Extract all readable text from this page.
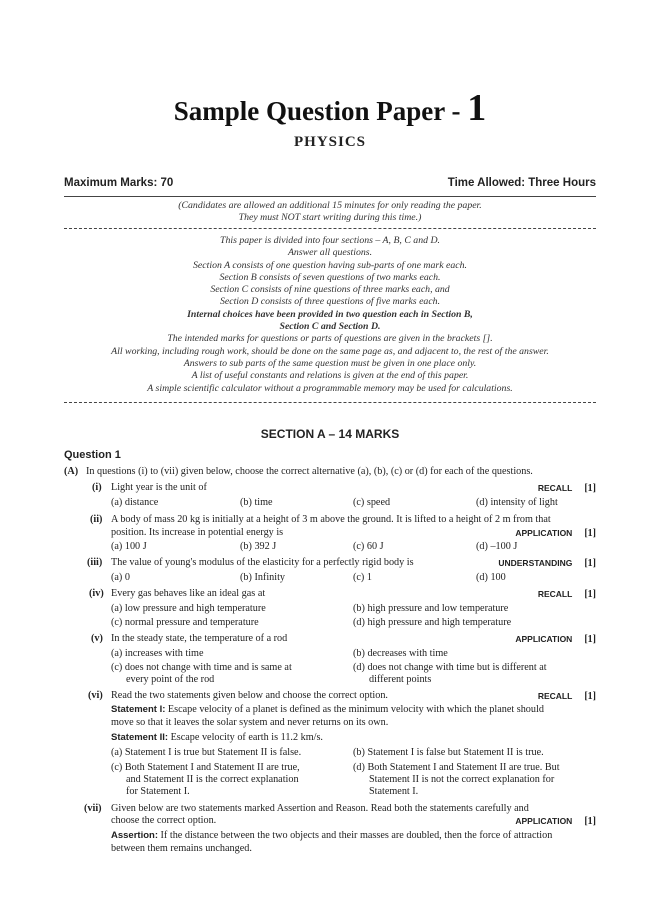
Sample Question Paper - 1
PHYSICS
Maximum Marks: 70	Time Allowed: Three Hours
(Candidates are allowed an additional 15 minutes for only reading the paper.
They must NOT start writing during this time.)
This paper is divided into four sections – A, B, C and D.
Answer all questions.
Section A consists of one question having sub-parts of one mark each.
Section B consists of seven questions of two marks each.
Section C consists of nine questions of three marks each, and
Section D consists of three questions of five marks each.
Internal choices have been provided in two question each in Section B,
Section C and Section D.
The intended marks for questions or parts of questions are given in the brackets [].
All working, including rough work, should be done on the same page as, and adjacent to, the rest of the answer.
Answers to sub parts of the same question must be given in one place only.
A list of useful constants and relations is given at the end of this paper.
A simple scientific calculator without a programmable memory may be used for calculations.
SECTION A – 14 MARKS
Question 1
(A) In questions (i) to (vii) given below, choose the correct alternative (a), (b), (c) or (d) for each of the questions.
(i) Light year is the unit of	RECALL [1]
(a) distance	(b) time	(c) speed	(d) intensity of light
(ii) A body of mass 20 kg is initially at a height of 3 m above the ground. It is lifted to a height of 2 m from that
position. Its increase in potential energy is	APPLICATION [1]
(a) 100 J	(b) 392 J	(c) 60 J	(d) –100 J
(iii) The value of young's modulus of the elasticity for a perfectly rigid body is	UNDERSTANDING [1]
(a) 0	(b) Infinity	(c) 1	(d) 100
(iv) Every gas behaves like an ideal gas at	RECALL [1]
(a) low pressure and high temperature	(b) high pressure and low temperature
(c) normal pressure and temperature	(d) high pressure and high temperature
(v) In the steady state, the temperature of a rod	APPLICATION [1]
(a) increases with time	(b) decreases with time
(c) does not change with time and is same at
every point of the rod
(d) does not change with time but is different at
different points
(vi) Read the two statements given below and choose the correct option.	RECALL [1]
Statement I: Escape velocity of a planet is defined as the minimum velocity with which the planet should
move so that it leaves the solar system and never returns on its own.
Statement II: Escape velocity of earth is 11.2 km/s.
(a) Statement I is true but Statement II is false.	(b) Statement I is false but Statement II is true.
(c) Both Statement I and Statement II are true,
and Statement II is the correct explanation
for Statement I.
(d) Both Statement I and Statement II are true. But
Statement II is not the correct explanation for
Statement I.
(vii) Given below are two statements marked Assertion and Reason. Read both the statements carefully and
choose the correct option.	APPLICATION [1]
Assertion: If the distance between the two objects and their masses are doubled, then the force of attraction
between them remains unchanged.
